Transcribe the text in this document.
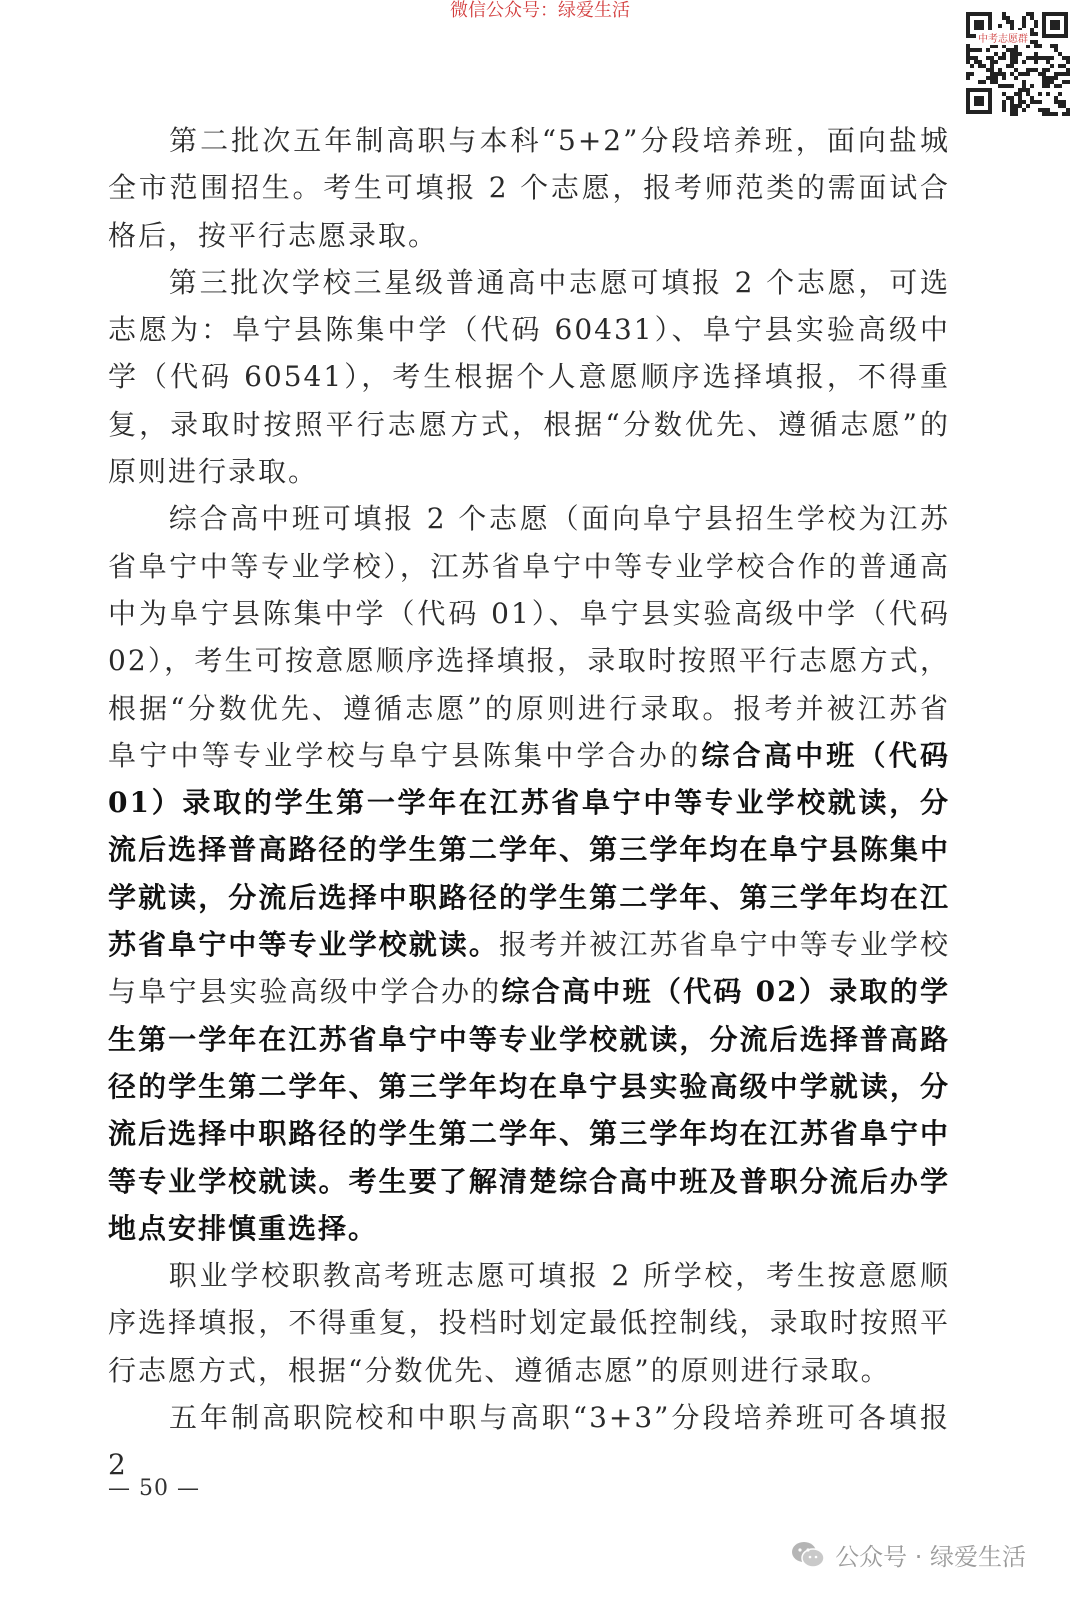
微信公众号：绿爱生活
中考志愿群

第二批次五年制高职与本科“5+2”分段培养班，面向盐城全市范围招生。考生可填报 2 个志愿，报考师范类的需面试合格后，按平行志愿录取。

第三批次学校三星级普通高中志愿可填报 2 个志愿，可选志愿为：阜宁县陈集中学（代码 60431）、阜宁县实验高级中学（代码 60541），考生根据个人意愿顺序选择填报，不得重复，录取时按照平行志愿方式，根据“分数优先、遵循志愿”的原则进行录取。

综合高中班可填报 2 个志愿（面向阜宁县招生学校为江苏省阜宁中等专业学校），江苏省阜宁中等专业学校合作的普通高中为阜宁县陈集中学（代码 01）、阜宁县实验高级中学（代码 02），考生可按意愿顺序选择填报，录取时按照平行志愿方式，根据“分数优先、遵循志愿”的原则进行录取。报考并被江苏省阜宁中等专业学校与阜宁县陈集中学合办的综合高中班（代码 01）录取的学生第一学年在江苏省阜宁中等专业学校就读，分流后选择普高路径的学生第二学年、第三学年均在阜宁县陈集中学就读，分流后选择中职路径的学生第二学年、第三学年均在江苏省阜宁中等专业学校就读。报考并被江苏省阜宁中等专业学校与阜宁县实验高级中学合办的综合高中班（代码 02）录取的学生第一学年在江苏省阜宁中等专业学校就读，分流后选择普高路径的学生第二学年、第三学年均在阜宁县实验高级中学就读，分流后选择中职路径的学生第二学年、第三学年均在江苏省阜宁中等专业学校就读。考生要了解清楚综合高中班及普职分流后办学地点安排慎重选择。

职业学校职教高考班志愿可填报 2 所学校，考生按意愿顺序选择填报，不得重复，投档时划定最低控制线，录取时按照平行志愿方式，根据“分数优先、遵循志愿”的原则进行录取。

五年制高职院校和中职与高职“3+3”分段培养班可各填报 2

— 50 —
公众号 · 绿爱生活
